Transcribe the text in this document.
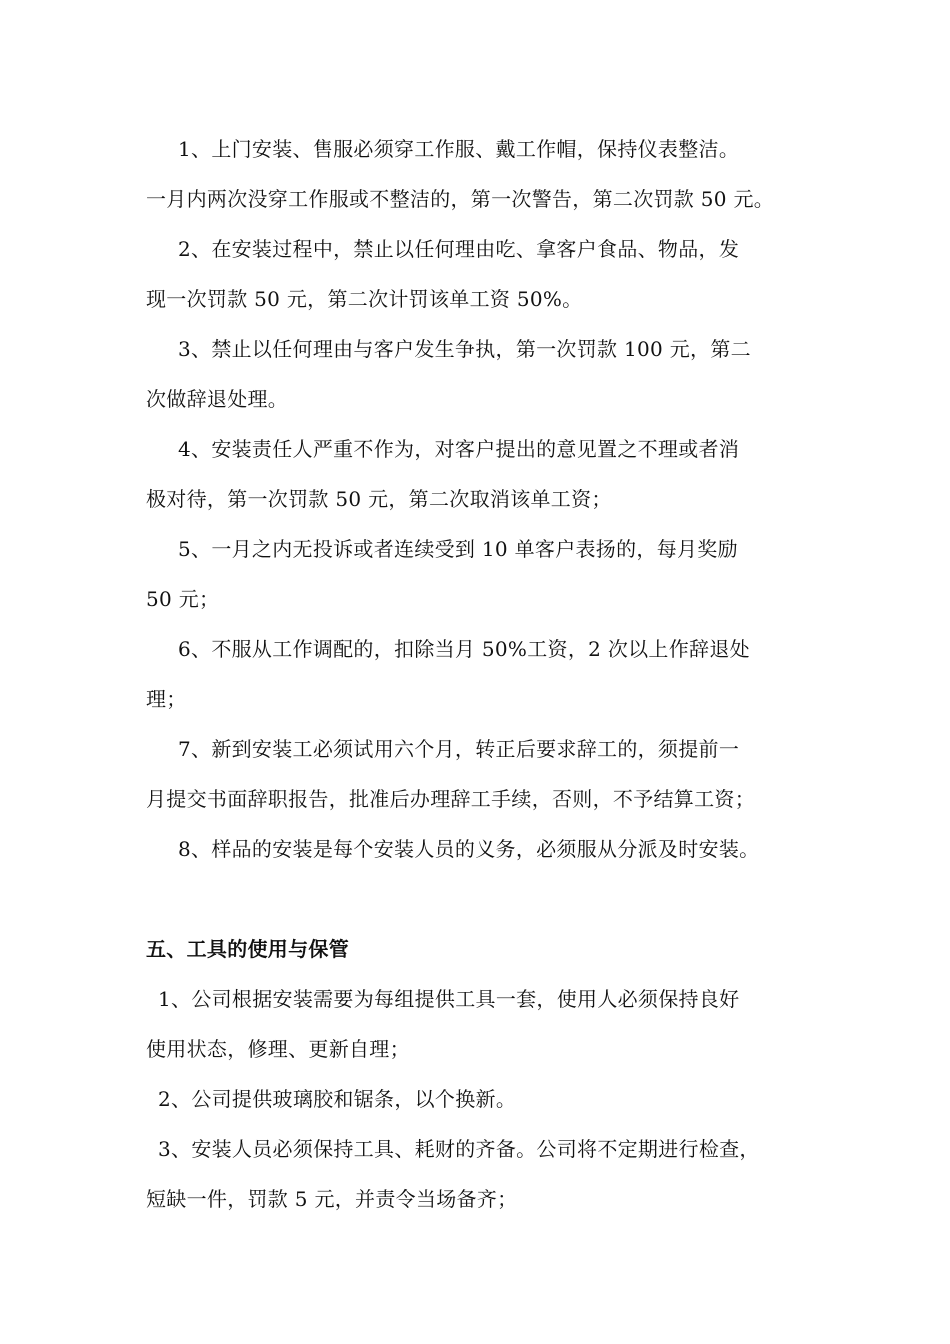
1、上门安装、售服必须穿工作服、戴工作帽，保持仪表整洁。
一月内两次没穿工作服或不整洁的，第一次警告，第二次罚款 50 元。
2、在安装过程中，禁止以任何理由吃、拿客户食品、物品，发
现一次罚款 50 元，第二次计罚该单工资 50%。
3、禁止以任何理由与客户发生争执，第一次罚款 100 元，第二
次做辞退处理。
4、安装责任人严重不作为，对客户提出的意见置之不理或者消
极对待，第一次罚款 50 元，第二次取消该单工资；
5、一月之内无投诉或者连续受到 10 单客户表扬的，每月奖励
50 元；
6、不服从工作调配的，扣除当月 50%工资，2 次以上作辞退处
理；
7、新到安装工必须试用六个月，转正后要求辞工的，须提前一
月提交书面辞职报告，批准后办理辞工手续，否则，不予结算工资；
8、样品的安装是每个安装人员的义务，必须服从分派及时安装。
五、工具的使用与保管
1、公司根据安装需要为每组提供工具一套，使用人必须保持良好
使用状态，修理、更新自理；
2、公司提供玻璃胶和锯条，以个换新。
3、安装人员必须保持工具、耗财的齐备。公司将不定期进行检查，
短缺一件，罚款 5 元，并责令当场备齐；
